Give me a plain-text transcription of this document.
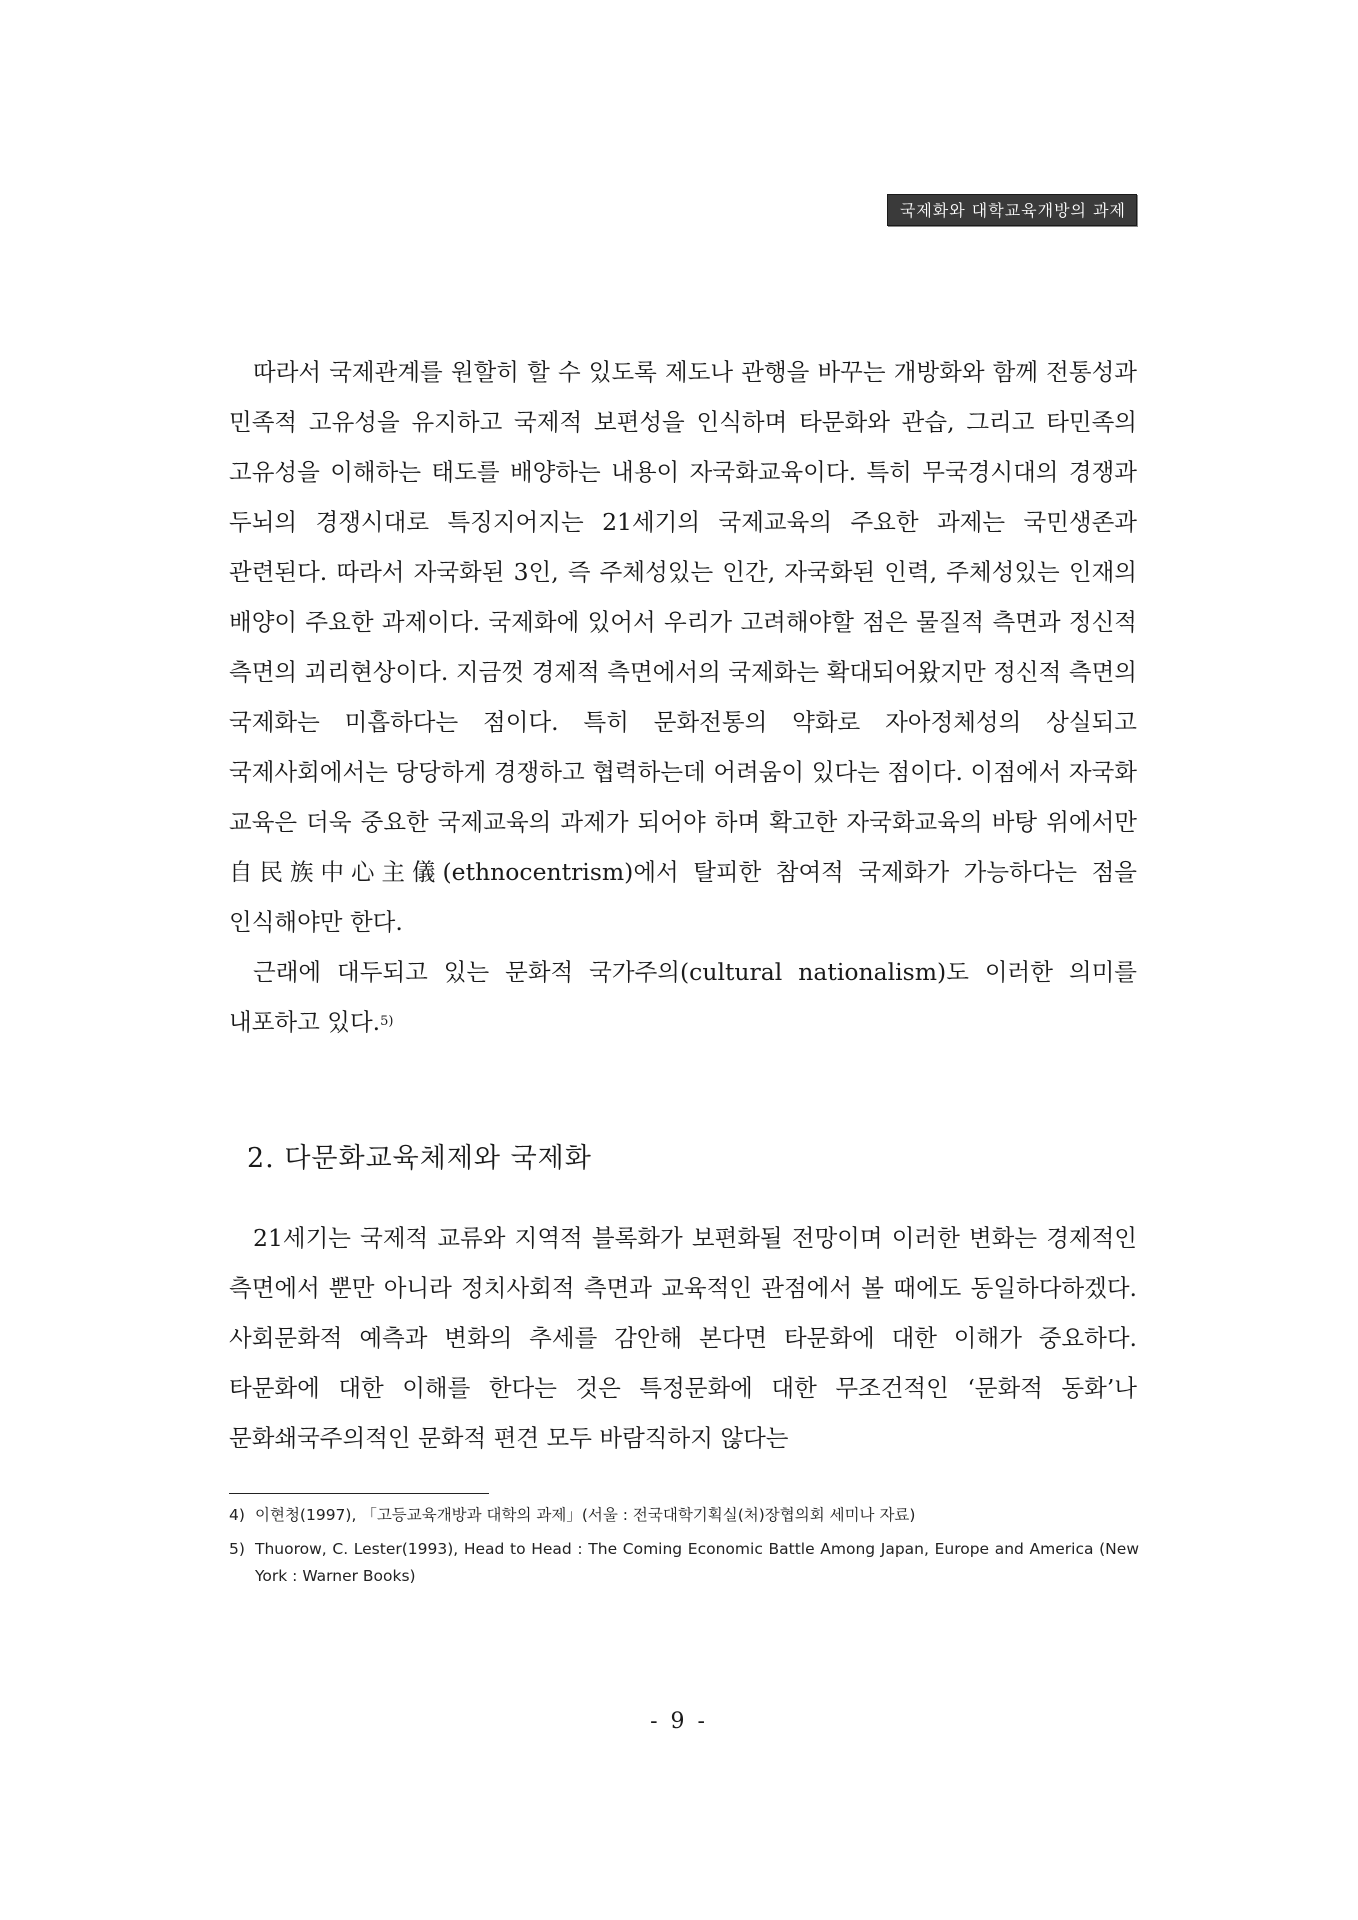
국제화와 대학교육개방의 과제

따라서 국제관계를 원할히 할 수 있도록 제도나 관행을 바꾸는 개방화와 함께 전통성과 민족적 고유성을 유지하고 국제적 보편성을 인식하며 타문화와 관습, 그리고 타민족의 고유성을 이해하는 태도를 배양하는 내용이 자국화교육이다. 특히 무국경시대의 경쟁과 두뇌의 경쟁시대로 특징지어지는 21세기의 국제교육의 주요한 과제는 국민생존과 관련된다. 따라서 자국화된 3인, 즉 주체성있는 인간, 자국화된 인력, 주체성있는 인재의 배양이 주요한 과제이다. 국제화에 있어서 우리가 고려해야할 점은 물질적 측면과 정신적 측면의 괴리현상이다. 지금껏 경제적 측면에서의 국제화는 확대되어왔지만 정신적 측면의 국제화는 미흡하다는 점이다. 특히 문화전통의 약화로 자아정체성의 상실되고 국제사회에서는 당당하게 경쟁하고 협력하는데 어려움이 있다는 점이다. 이점에서 자국화 교육은 더욱 중요한 국제교육의 과제가 되어야 하며 확고한 자국화교육의 바탕 위에서만 自民族中心主儀(ethnocentrism)에서 탈피한 참여적 국제화가 가능하다는 점을 인식해야만 한다.

근래에 대두되고 있는 문화적 국가주의(cultural nationalism)도 이러한 의미를 내포하고 있다.$^{5)}$

2. 다문화교육체제와 국제화

21세기는 국제적 교류와 지역적 블록화가 보편화될 전망이며 이러한 변화는 경제적인 측면에서 뿐만 아니라 정치사회적 측면과 교육적인 관점에서 볼 때에도 동일하다하겠다. 사회문화적 예측과 변화의 추세를 감안해 본다면 타문화에 대한 이해가 중요하다. 타문화에 대한 이해를 한다는 것은 특정문화에 대한 무조건적인 ‘문화적 동화’나 문화쇄국주의적인 문화적 편견 모두 바람직하지 않다는

4) 이현청(1997), 「고등교육개방과 대학의 과제」(서울 : 전국대학기획실(처)장협의회 세미나 자료)
5) Thuorow, C. Lester(1993), Head to Head : The Coming Economic Battle Among Japan, Europe and America (New York : Warner Books)
- 9 -
